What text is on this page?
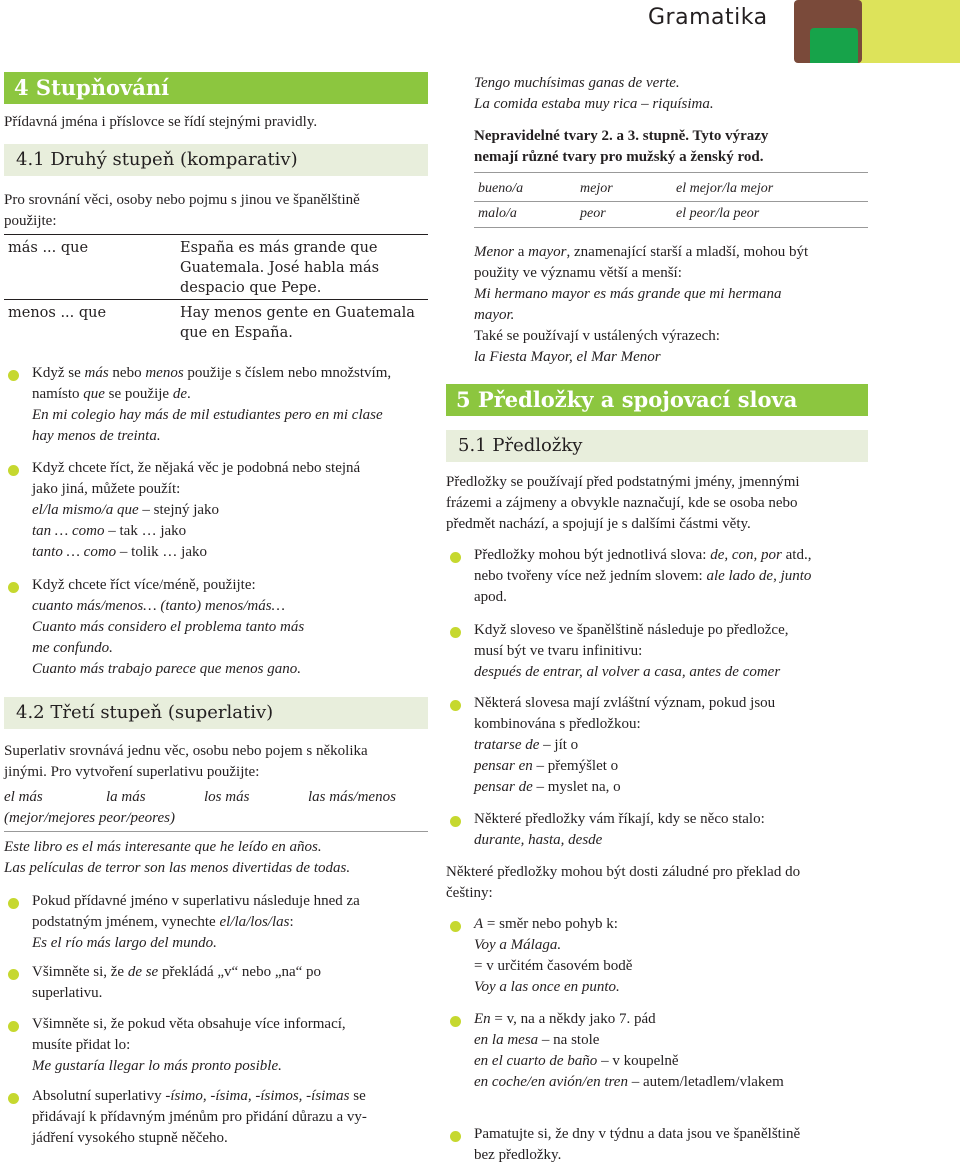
Gramatika
4 Stupňování
Přídavná jména i příslovce se řídí stejnými pravidly.
4.1 Druhý stupeň (komparativ)
Pro srovnání věci, osoby nebo pojmu s jinou ve španělštině
použijte:
más ... que	España es más grande que
Guatemala. José habla más
despacio que Pepe.
menos ... que	Hay menos gente en Guatemala
que en España.
Když se más nebo menos použije s číslem nebo množstvím,
namísto que se použije de.
En mi colegio hay más de mil estudiantes pero en mi clase
hay menos de treinta.
Když chcete říct, že nějaká věc je podobná nebo stejná
jako jiná, můžete použít:
el/la mismo/a que – stejný jako
tan … como – tak … jako
tanto … como – tolik … jako
Když chcete říct více/méně, použijte:
cuanto más/menos… (tanto) menos/más…
Cuanto más considero el problema tanto más
me confundo.
Cuanto más trabajo parece que menos gano.
4.2 Třetí stupeň (superlativ)
Superlativ srovnává jednu věc, osobu nebo pojem s několika
jinými. Pro vytvoření superlativu použijte:
el más	la más	los más	las más/menos
(mejor/mejores peor/peores)
Este libro es el más interesante que he leído en años.
Las películas de terror son las menos divertidas de todas.
Pokud přídavné jméno v superlativu následuje hned za
podstatným jménem, vynechte el/la/los/las:
Es el río más largo del mundo.
Všimněte si, že de se překládá „v“ nebo „na“ po
superlativu.
Všimněte si, že pokud věta obsahuje více informací,
musíte přidat lo:
Me gustaría llegar lo más pronto posible.
Absolutní superlativy -ísimo, -ísima, -ísimos, -ísimas se
přidávají k přídavným jménům pro přidání důrazu a vy-
jádření vysokého stupně něčeho.
Tengo muchísimas ganas de verte.
La comida estaba muy rica – riquísima.
Nepravidelné tvary 2. a 3. stupně. Tyto výrazy
nemají různé tvary pro mužský a ženský rod.
bueno/a	mejor	el mejor/la mejor
malo/a	peor	el peor/la peor
Menor a mayor, znamenající starší a mladší, mohou být
použity ve významu větší a menší:
Mi hermano mayor es más grande que mi hermana
mayor.
Také se používají v ustálených výrazech:
la Fiesta Mayor, el Mar Menor
5 Předložky a spojovací slova
5.1 Předložky
Předložky se používají před podstatnými jmény, jmennými
frázemi a zájmeny a obvykle naznačují, kde se osoba nebo
předmět nachází, a spojují je s dalšími částmi věty.
Předložky mohou být jednotlivá slova: de, con, por atd.,
nebo tvořeny více než jedním slovem: ale lado de, junto
apod.
Když sloveso ve španělštině následuje po předložce,
musí být ve tvaru infinitivu:
después de entrar, al volver a casa, antes de comer
Některá slovesa mají zvláštní význam, pokud jsou
kombinována s předložkou:
tratarse de – jít o
pensar en – přemýšlet o
pensar de – myslet na, o
Některé předložky vám říkají, kdy se něco stalo:
durante, hasta, desde
Některé předložky mohou být dosti záludné pro překlad do
češtiny:
A = směr nebo pohyb k:
Voy a Málaga.
= v určitém časovém bodě
Voy a las once en punto.
En = v, na a někdy jako 7. pád
en la mesa – na stole
en el cuarto de baño – v koupelně
en coche/en avión/en tren – autem/letadlem/vlakem
Pamatujte si, že dny v týdnu a data jsou ve španělštině
bez předložky.
